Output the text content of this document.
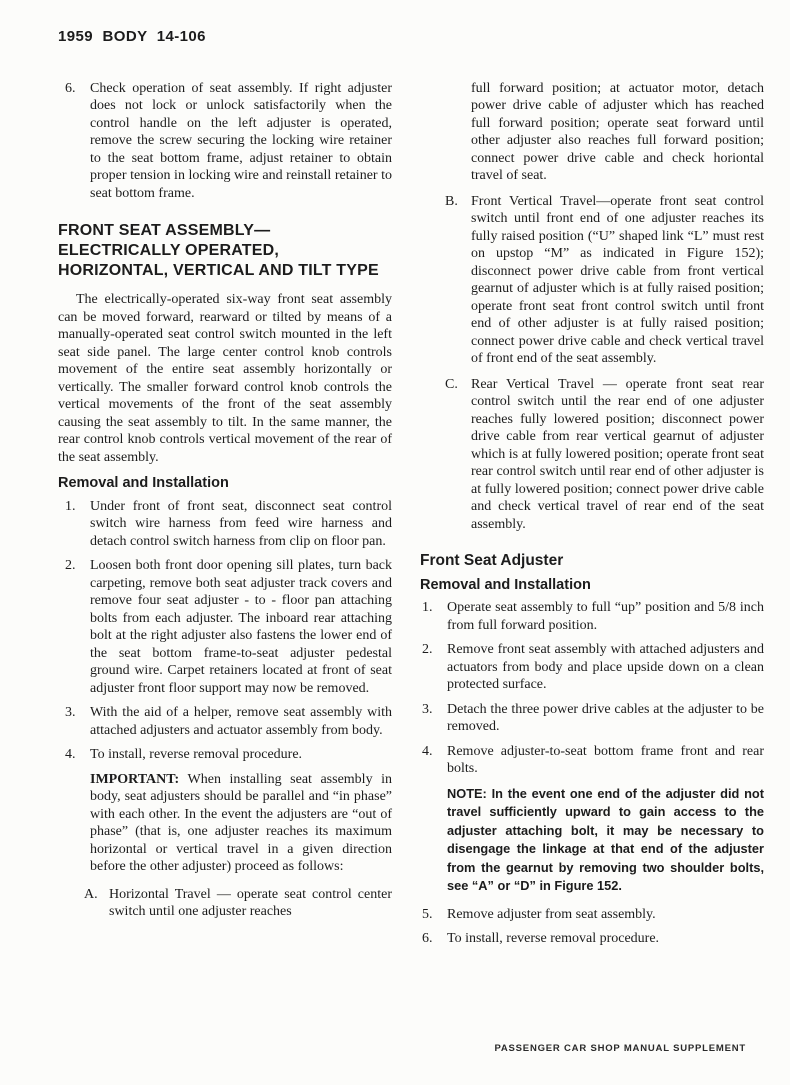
1959 BODY 14-106
6. Check operation of seat assembly. If right adjuster does not lock or unlock satisfactorily when the control handle on the left adjuster is operated, remove the screw securing the locking wire retainer to the seat bottom frame, adjust retainer to obtain proper tension in locking wire and reinstall retainer to seat bottom frame.
FRONT SEAT ASSEMBLY—ELECTRICALLY OPERATED, HORIZONTAL, VERTICAL AND TILT TYPE

The electrically-operated six-way front seat assembly can be moved forward, rearward or tilted by means of a manually-operated seat control switch mounted in the left seat side panel. The large center control knob controls movement of the entire seat assembly horizontally or vertically. The smaller forward control knob controls the vertical movements of the front of the seat assembly causing the seat assembly to tilt. In the same manner, the rear control knob controls vertical movement of the rear of the seat assembly.

Removal and Installation
1. Under front of front seat, disconnect seat control switch wire harness from feed wire harness and detach control switch harness from clip on floor pan.
2. Loosen both front door opening sill plates, turn back carpeting, remove both seat adjuster track covers and remove four seat adjuster - to - floor pan attaching bolts from each adjuster. The inboard rear attaching bolt at the right adjuster also fastens the lower end of the seat bottom frame-to-seat adjuster pedestal ground wire. Carpet retainers located at front of seat adjuster front floor support may now be removed.
3. With the aid of a helper, remove seat assembly with attached adjusters and actuator assembly from body.
4. To install, reverse removal procedure.

IMPORTANT: When installing seat assembly in body, seat adjusters should be parallel and “in phase” with each other. In the event the adjusters are “out of phase” (that is, one adjuster reaches its maximum horizontal or vertical travel in a given direction before the other adjuster) proceed as follows:

A. Horizontal Travel — operate seat control center switch until one adjuster reaches

full forward position; at actuator motor, detach power drive cable of adjuster which has reached full forward position; operate seat forward until other adjuster also reaches full forward position; connect power drive cable and check horiontal travel of seat.

B. Front Vertical Travel—operate front seat control switch until front end of one adjuster reaches its fully raised position (“U” shaped link “L” must rest on upstop “M” as indicated in Figure 152); disconnect power drive cable from front vertical gearnut of adjuster which is at fully raised position; operate front seat front control switch until front end of other adjuster is at fully raised position; connect power drive cable and check vertical travel of front end of the seat assembly.
C. Rear Vertical Travel — operate front seat rear control switch until the rear end of one adjuster reaches fully lowered position; disconnect power drive cable from rear vertical gearnut of adjuster which is at fully lowered position; operate front seat rear control switch until rear end of other adjuster is at fully lowered position; connect power drive cable and check vertical travel of rear end of the seat assembly.
Front Seat Adjuster
Removal and Installation
1. Operate seat assembly to full “up” position and 5/8 inch from full forward position.
2. Remove front seat assembly with attached adjusters and actuators from body and place upside down on a clean protected surface.
3. Detach the three power drive cables at the adjuster to be removed.
4. Remove adjuster-to-seat bottom frame front and rear bolts.

NOTE: In the event one end of the adjuster did not travel sufficiently upward to gain access to the adjuster attaching bolt, it may be necessary to disengage the linkage at that end of the adjuster from the gearnut by removing two shoulder bolts, see “A” or “D” in Figure 152.

5. Remove adjuster from seat assembly.
6. To install, reverse removal procedure.
PASSENGER CAR SHOP MANUAL SUPPLEMENT
